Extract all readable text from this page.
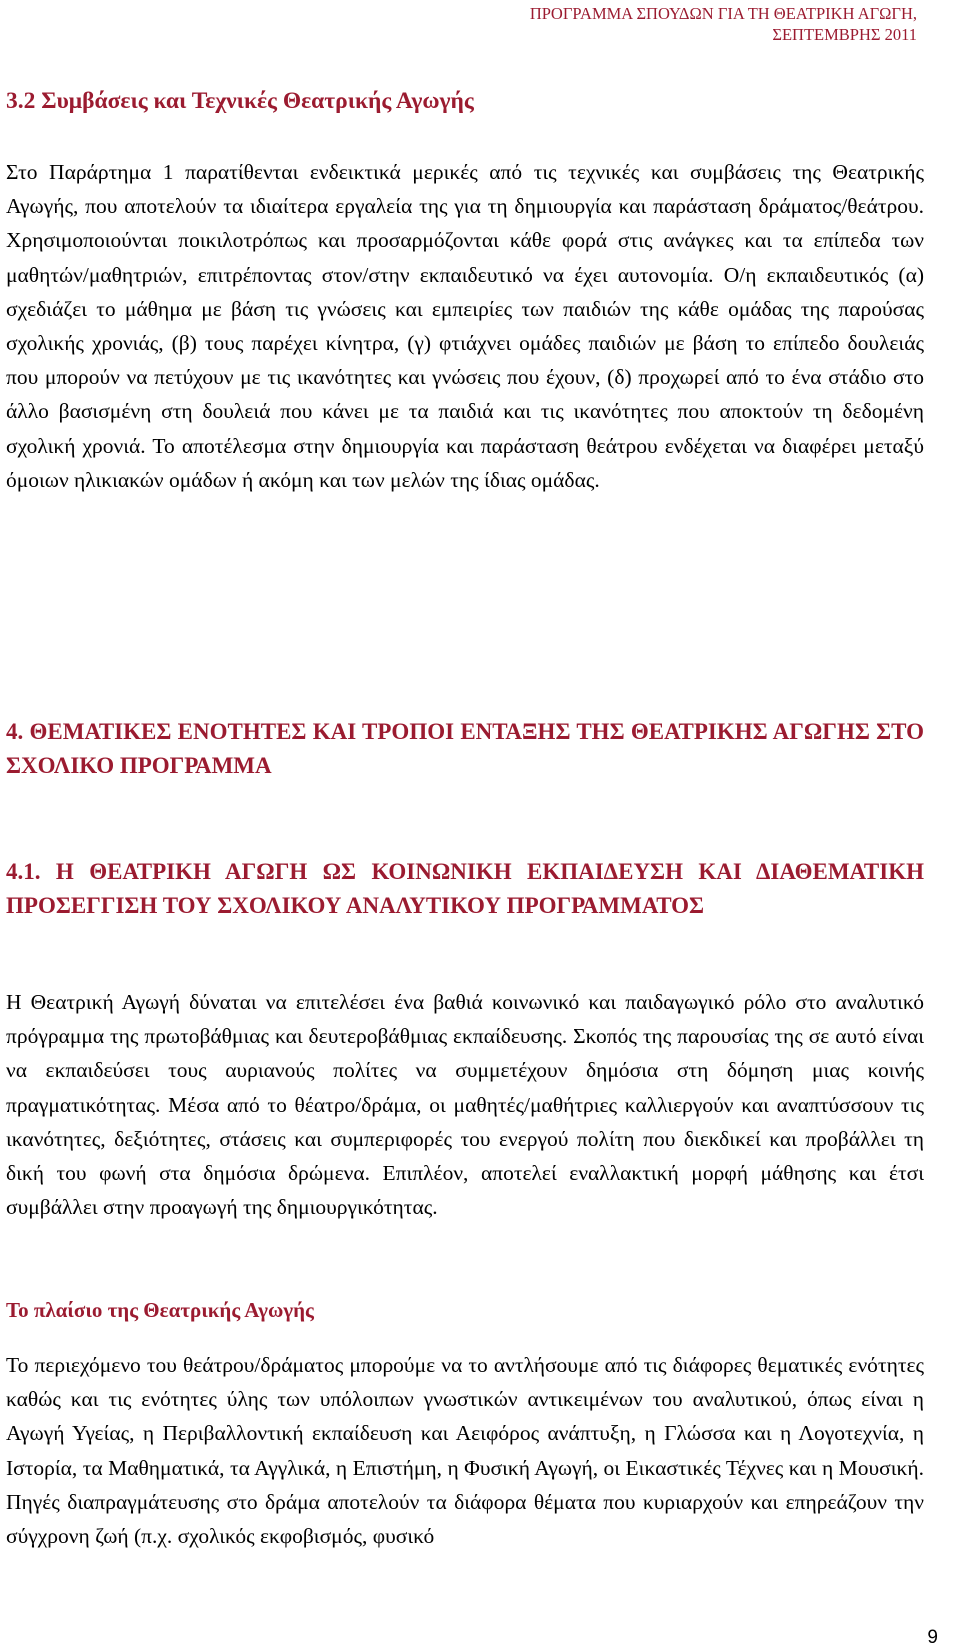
ΠΡΟΓΡΑΜΜΑ ΣΠΟΥΔΩΝ ΓΙΑ ΤΗ ΘΕΑΤΡΙΚΗ ΑΓΩΓΗ,
ΣΕΠΤΕΜΒΡΗΣ 2011
3.2 Συμβάσεις και Τεχνικές Θεατρικής Αγωγής

Στο Παράρτημα 1 παρατίθενται ενδεικτικά μερικές από τις τεχνικές και συμβάσεις της Θεατρικής Αγωγής, που αποτελούν τα ιδιαίτερα εργαλεία της για τη δημιουργία και παράσταση δράματος/θεάτρου. Χρησιμοποιούνται ποικιλοτρόπως και προσαρμόζονται κάθε φορά στις ανάγκες και τα επίπεδα των μαθητών/μαθητριών, επιτρέποντας στον/στην εκπαιδευτικό να έχει αυτονομία. Ο/η εκπαιδευτικός (α) σχεδιάζει το μάθημα με βάση τις γνώσεις και εμπειρίες των παιδιών της κάθε ομάδας της παρούσας σχολικής χρονιάς, (β) τους παρέχει κίνητρα, (γ) φτιάχνει ομάδες παιδιών με βάση το επίπεδο δουλειάς που μπορούν να πετύχουν με τις ικανότητες και γνώσεις που έχουν, (δ) προχωρεί από το ένα στάδιο στο άλλο βασισμένη στη δουλειά που κάνει με τα παιδιά και τις ικανότητες που αποκτούν τη δεδομένη σχολική χρονιά. Το αποτέλεσμα στην δημιουργία και παράσταση θεάτρου ενδέχεται να διαφέρει μεταξύ όμοιων ηλικιακών ομάδων ή ακόμη και των μελών της ίδιας ομάδας.

4. ΘΕΜΑΤΙΚΕΣ ΕΝΟΤΗΤΕΣ ΚΑΙ ΤΡΟΠΟΙ ΕΝΤΑΞΗΣ ΤΗΣ ΘΕΑΤΡΙΚΗΣ ΑΓΩΓΗΣ ΣΤΟ ΣΧΟΛΙΚΟ ΠΡΟΓΡΑΜΜΑ
4.1. Η ΘΕΑΤΡΙΚΗ ΑΓΩΓΗ ΩΣ ΚΟΙΝΩΝΙΚΗ ΕΚΠΑΙΔΕΥΣΗ ΚΑΙ ΔΙΑΘΕΜΑΤΙΚΗ ΠΡΟΣΕΓΓΙΣΗ ΤΟΥ ΣΧΟΛΙΚΟΥ ΑΝΑΛΥΤΙΚΟΥ ΠΡΟΓΡΑΜΜΑΤΟΣ

Η Θεατρική Αγωγή δύναται να επιτελέσει ένα βαθιά κοινωνικό και παιδαγωγικό ρόλο στο αναλυτικό πρόγραμμα της πρωτοβάθμιας και δευτεροβάθμιας εκπαίδευσης. Σκοπός της παρουσίας της σε αυτό είναι να εκπαιδεύσει τους αυριανούς πολίτες να συμμετέχουν δημόσια στη δόμηση μιας κοινής πραγματικότητας. Μέσα από το θέατρο/δράμα, οι μαθητές/μαθήτριες καλλιεργούν και αναπτύσσουν τις ικανότητες, δεξιότητες, στάσεις και συμπεριφορές του ενεργού πολίτη που διεκδικεί και προβάλλει τη δική του φωνή στα δημόσια δρώμενα. Επιπλέον, αποτελεί εναλλακτική μορφή μάθησης και έτσι συμβάλλει στην προαγωγή της δημιουργικότητας.

Το πλαίσιο της Θεατρικής Αγωγής

Το περιεχόμενο του θεάτρου/δράματος μπορούμε να το αντλήσουμε από τις διάφορες θεματικές ενότητες καθώς και τις ενότητες ύλης των υπόλοιπων γνωστικών αντικειμένων του αναλυτικού, όπως είναι η Αγωγή Υγείας, η Περιβαλλοντική εκπαίδευση και Αειφόρος ανάπτυξη, η Γλώσσα και η Λογοτεχνία, η Ιστορία, τα Μαθηματικά, τα Αγγλικά, η Επιστήμη, η Φυσική Αγωγή, οι Εικαστικές Τέχνες και η Μουσική. Πηγές διαπραγμάτευσης στο δράμα αποτελούν τα διάφορα θέματα που κυριαρχούν και επηρεάζουν την σύγχρονη ζωή (π.χ. σχολικός εκφοβισμός, φυσικό

9
